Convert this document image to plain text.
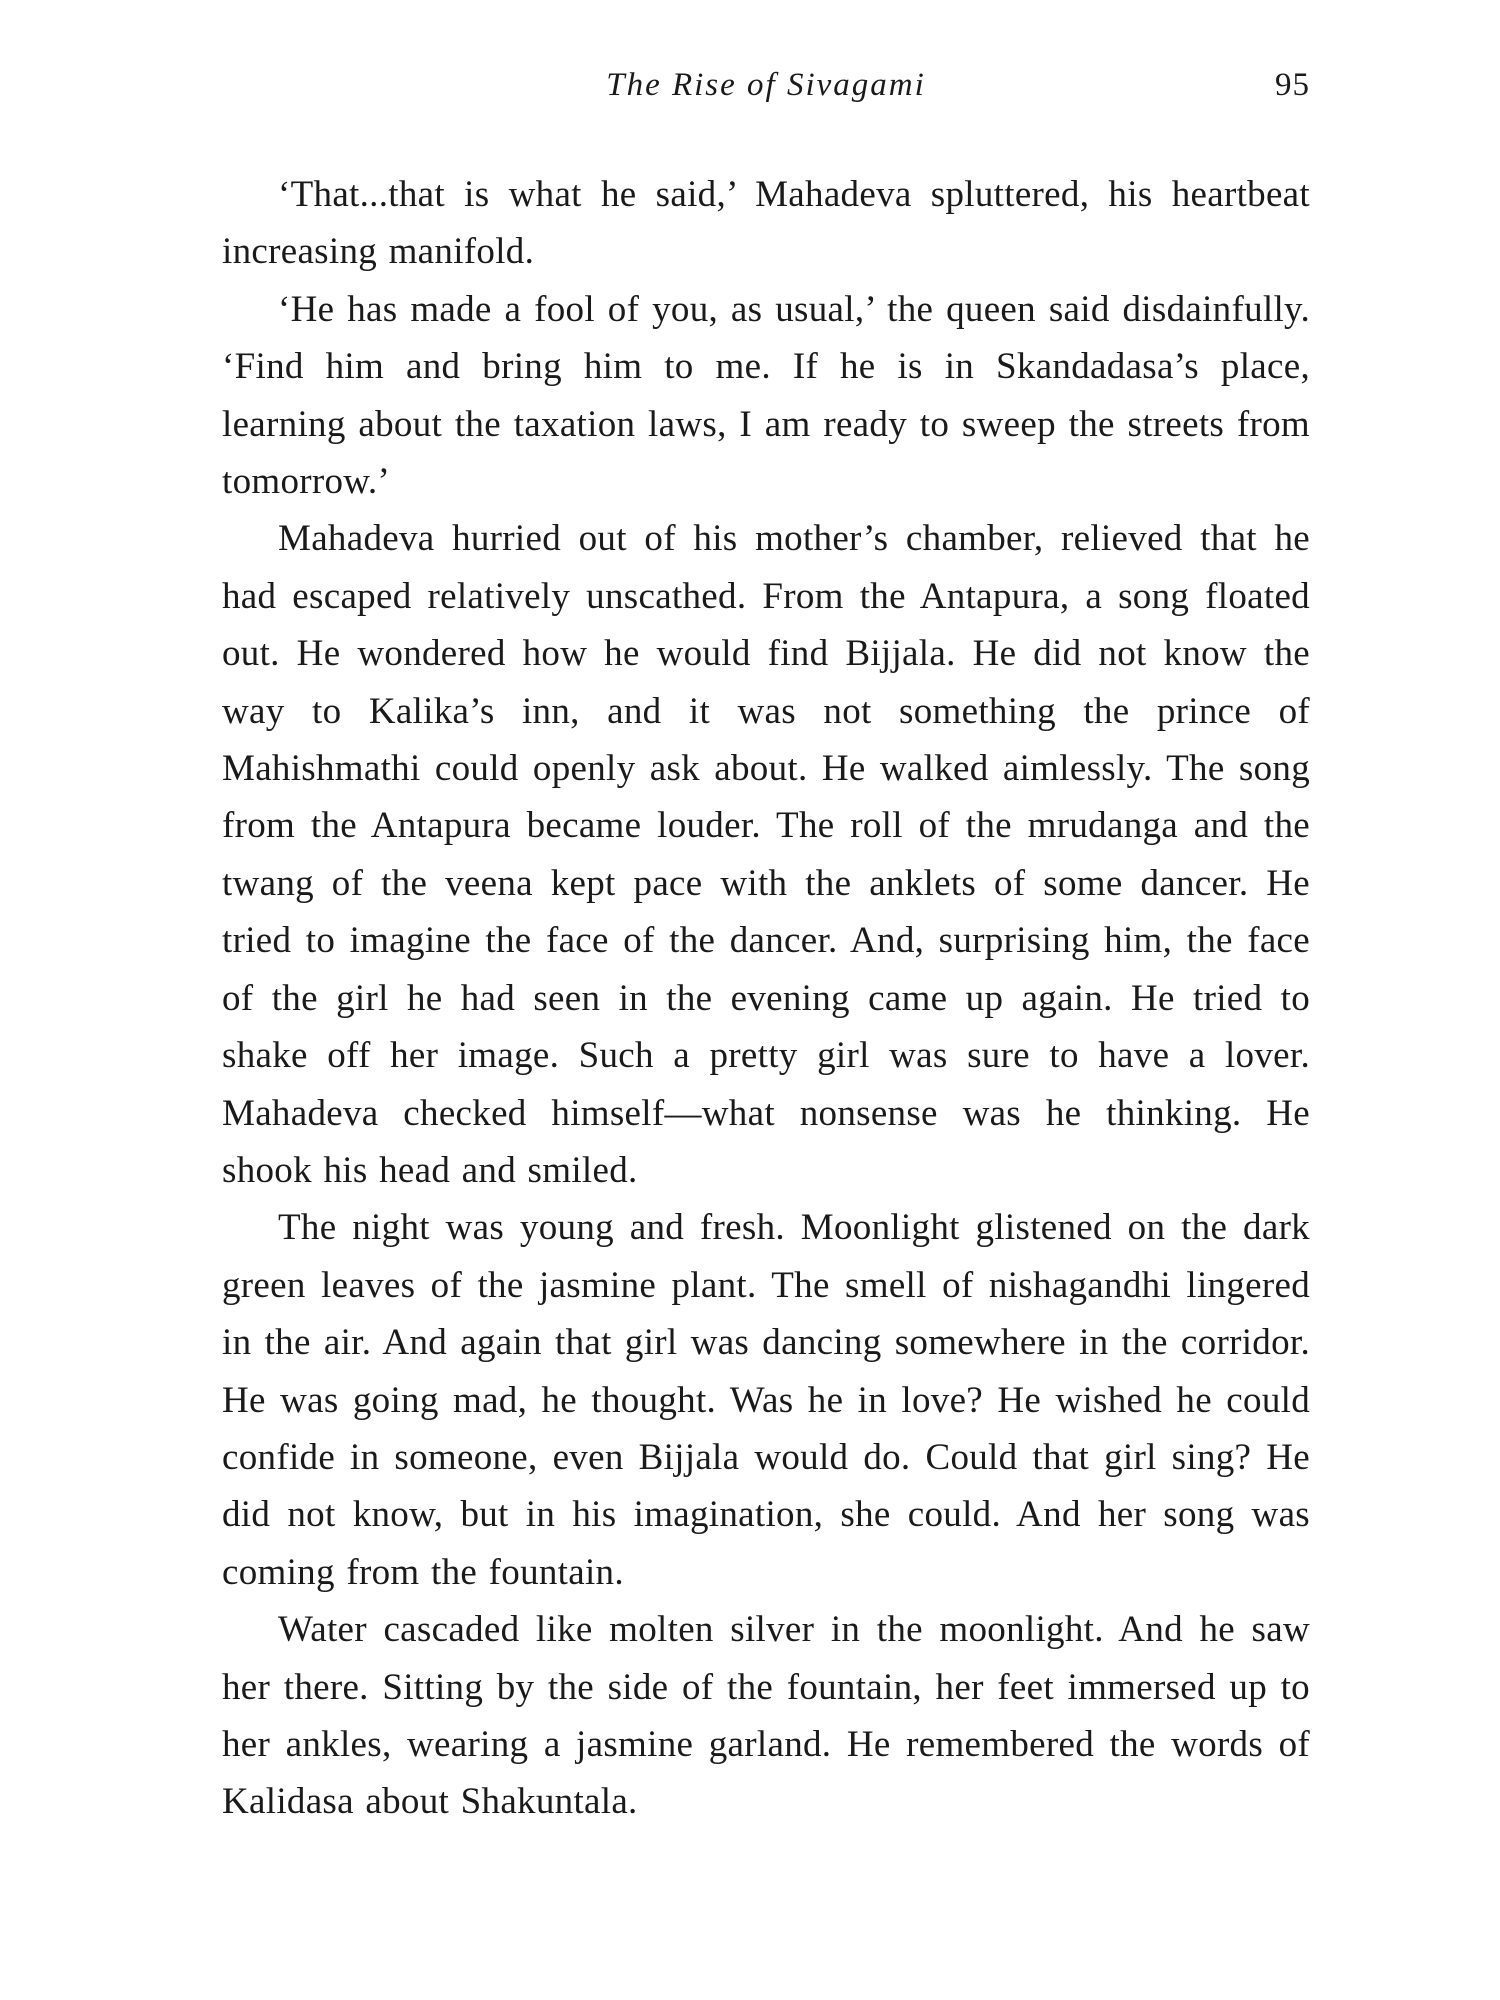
The Rise of Sivagami	95

‘That...that is what he said,’ Mahadeva spluttered, his heartbeat increasing manifold.

‘He has made a fool of you, as usual,’ the queen said disdainfully. ‘Find him and bring him to me. If he is in Skandadasa’s place, learning about the taxation laws, I am ready to sweep the streets from tomorrow.’

Mahadeva hurried out of his mother’s chamber, relieved that he had escaped relatively unscathed. From the Antapura, a song floated out. He wondered how he would find Bijjala. He did not know the way to Kalika’s inn, and it was not something the prince of Mahishmathi could openly ask about. He walked aimlessly. The song from the Antapura became louder. The roll of the mrudanga and the twang of the veena kept pace with the anklets of some dancer. He tried to imagine the face of the dancer. And, surprising him, the face of the girl he had seen in the evening came up again. He tried to shake off her image. Such a pretty girl was sure to have a lover. Mahadeva checked himself—what nonsense was he thinking. He shook his head and smiled.

The night was young and fresh. Moonlight glistened on the dark green leaves of the jasmine plant. The smell of nishagandhi lingered in the air. And again that girl was dancing somewhere in the corridor. He was going mad, he thought. Was he in love? He wished he could confide in someone, even Bijjala would do. Could that girl sing? He did not know, but in his imagination, she could. And her song was coming from the fountain.

Water cascaded like molten silver in the moonlight. And he saw her there. Sitting by the side of the fountain, her feet immersed up to her ankles, wearing a jasmine garland. He remembered the words of Kalidasa about Shakuntala.
